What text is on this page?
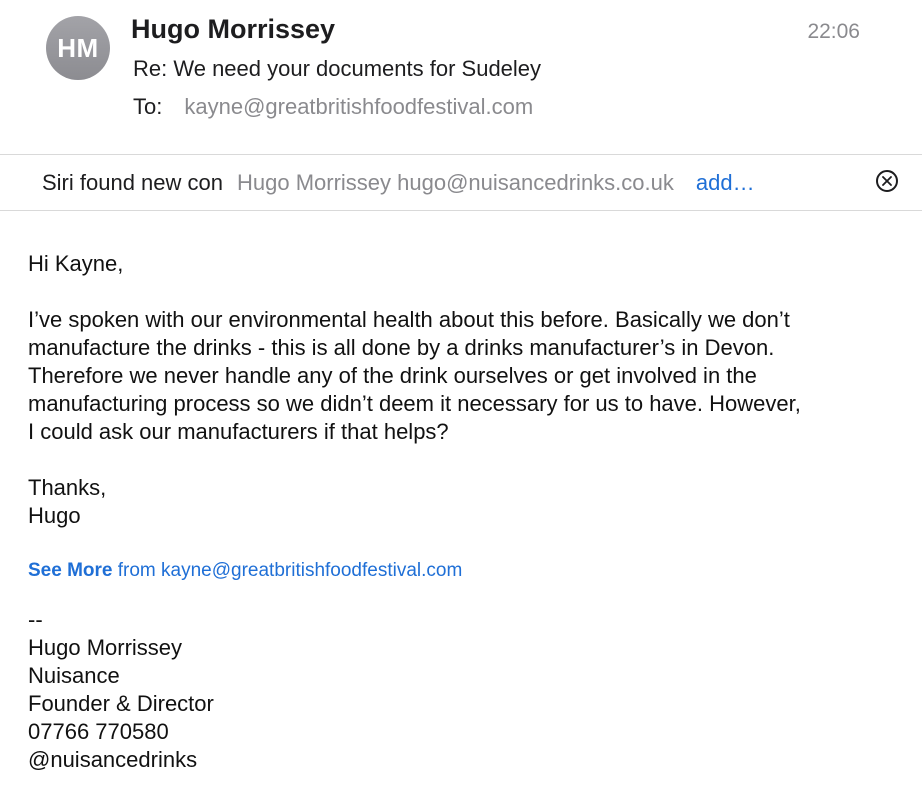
HM
Hugo Morrissey	22:06
Re: We need your documents for Sudeley
To: kayne@greatbritishfoodfestival.com
Siri found new con Hugo Morrissey hugo@nuisancedrinks.co.uk add…
Hi Kayne,
I’ve spoken with our environmental health about this before. Basically we don’t
manufacture the drinks - this is all done by a drinks manufacturer’s in Devon.
Therefore we never handle any of the drink ourselves or get involved in the
manufacturing process so we didn’t deem it necessary for us to have. However,
I could ask our manufacturers if that helps?
Thanks,
Hugo
See More from kayne@greatbritishfoodfestival.com
--
Hugo Morrissey
Nuisance
Founder & Director
07766 770580
@nuisancedrinks
